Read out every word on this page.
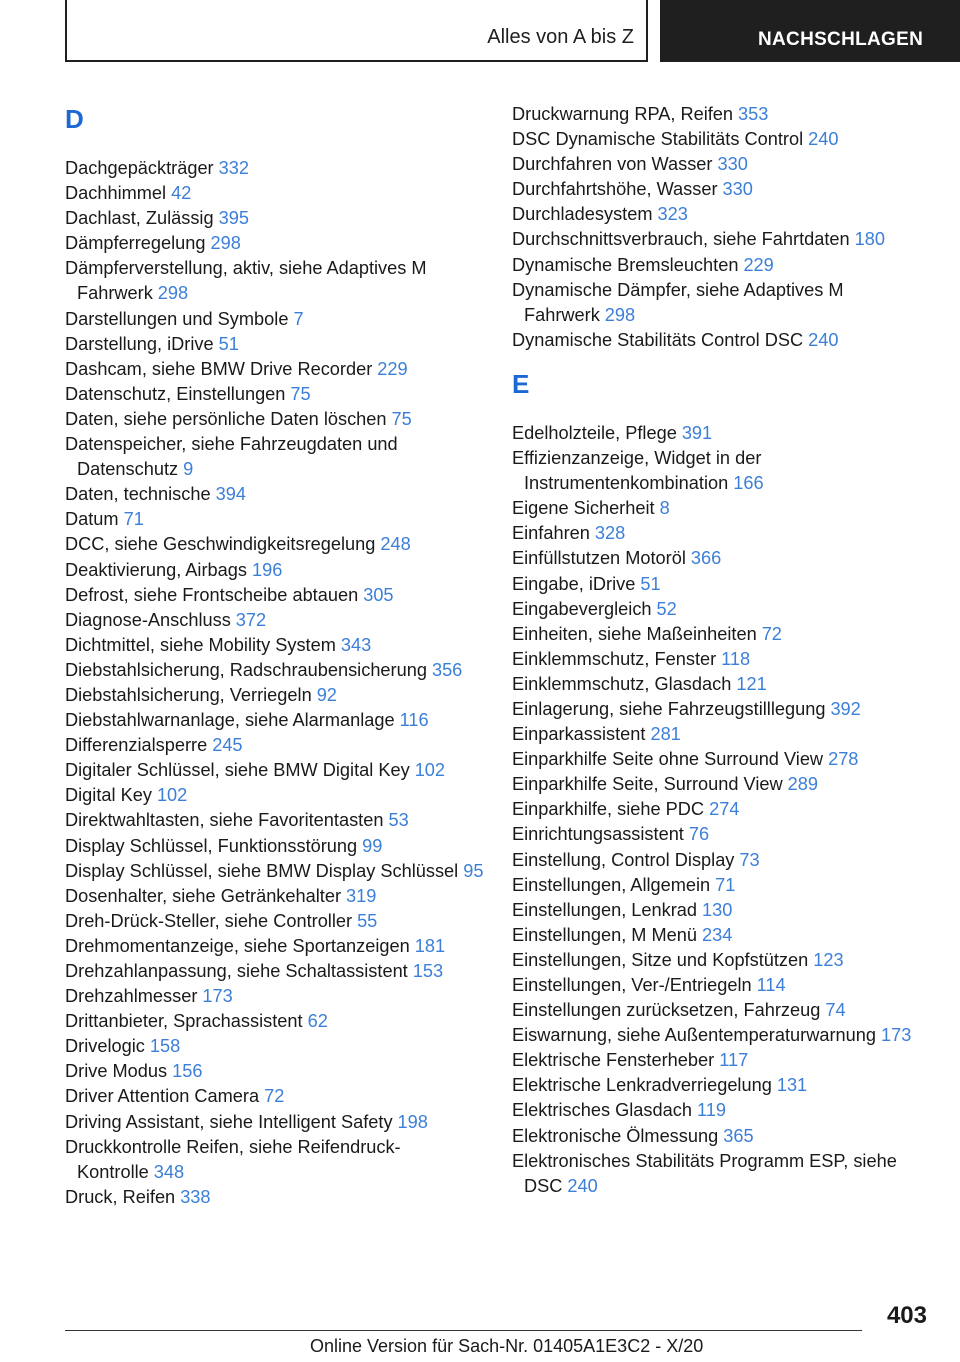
Alles von A bis Z	NACHSCHLAGEN
D
Dachgepäckträger 332
Dachhimmel 42
Dachlast, Zulässig 395
Dämpferregelung 298
Dämpferverstellung, aktiv, siehe Adaptives M Fahrwerk 298
Darstellungen und Symbole 7
Darstellung, iDrive 51
Dashcam, siehe BMW Drive Recorder 229
Datenschutz, Einstellungen 75
Daten, siehe persönliche Daten löschen 75
Datenspeicher, siehe Fahrzeugdaten und Datenschutz 9
Daten, technische 394
Datum 71
DCC, siehe Geschwindigkeitsregelung 248
Deaktivierung, Airbags 196
Defrost, siehe Frontscheibe abtauen 305
Diagnose-Anschluss 372
Dichtmittel, siehe Mobility System 343
Diebstahlsicherung, Radschraubensicherung 356
Diebstahlsicherung, Verriegeln 92
Diebstahlwarnanlage, siehe Alarmanlage 116
Differenzialsperre 245
Digitaler Schlüssel, siehe BMW Digital Key 102
Digital Key 102
Direktwahltasten, siehe Favoritentasten 53
Display Schlüssel, Funktionsstörung 99
Display Schlüssel, siehe BMW Display Schlüssel 95
Dosenhalter, siehe Getränkehalter 319
Dreh-Drück-Steller, siehe Controller 55
Drehmomentanzeige, siehe Sportanzeigen 181
Drehzahlanpassung, siehe Schaltassistent 153
Drehzahlmesser 173
Drittanbieter, Sprachassistent 62
Drivelogic 158
Drive Modus 156
Driver Attention Camera 72
Driving Assistant, siehe Intelligent Safety 198
Druckkontrolle Reifen, siehe Reifendruck-Kontrolle 348
Druck, Reifen 338
Druckwarnung RPA, Reifen 353
DSC Dynamische Stabilitäts Control 240
Durchfahren von Wasser 330
Durchfahrtshöhe, Wasser 330
Durchladesystem 323
Durchschnittsverbrauch, siehe Fahrtdaten 180
Dynamische Bremsleuchten 229
Dynamische Dämpfer, siehe Adaptives M Fahrwerk 298
Dynamische Stabilitäts Control DSC 240
E
Edelholzteile, Pflege 391
Effizienzanzeige, Widget in der Instrumentenkombination 166
Eigene Sicherheit 8
Einfahren 328
Einfüllstutzen Motoröl 366
Eingabe, iDrive 51
Eingabevergleich 52
Einheiten, siehe Maßeinheiten 72
Einklemmschutz, Fenster 118
Einklemmschutz, Glasdach 121
Einlagerung, siehe Fahrzeugstilllegung 392
Einparkassistent 281
Einparkhilfe Seite ohne Surround View 278
Einparkhilfe Seite, Surround View 289
Einparkhilfe, siehe PDC 274
Einrichtungsassistent 76
Einstellung, Control Display 73
Einstellungen, Allgemein 71
Einstellungen, Lenkrad 130
Einstellungen, M Menü 234
Einstellungen, Sitze und Kopfstützen 123
Einstellungen, Ver-/Entriegeln 114
Einstellungen zurücksetzen, Fahrzeug 74
Eiswarnung, siehe Außentemperaturwarnung 173
Elektrische Fensterheber 117
Elektrische Lenkradverriegelung 131
Elektrisches Glasdach 119
Elektronische Ölmessung 365
Elektronisches Stabilitäts Programm ESP, siehe DSC 240
403
Online Version für Sach-Nr. 01405A1E3C2 - X/20
